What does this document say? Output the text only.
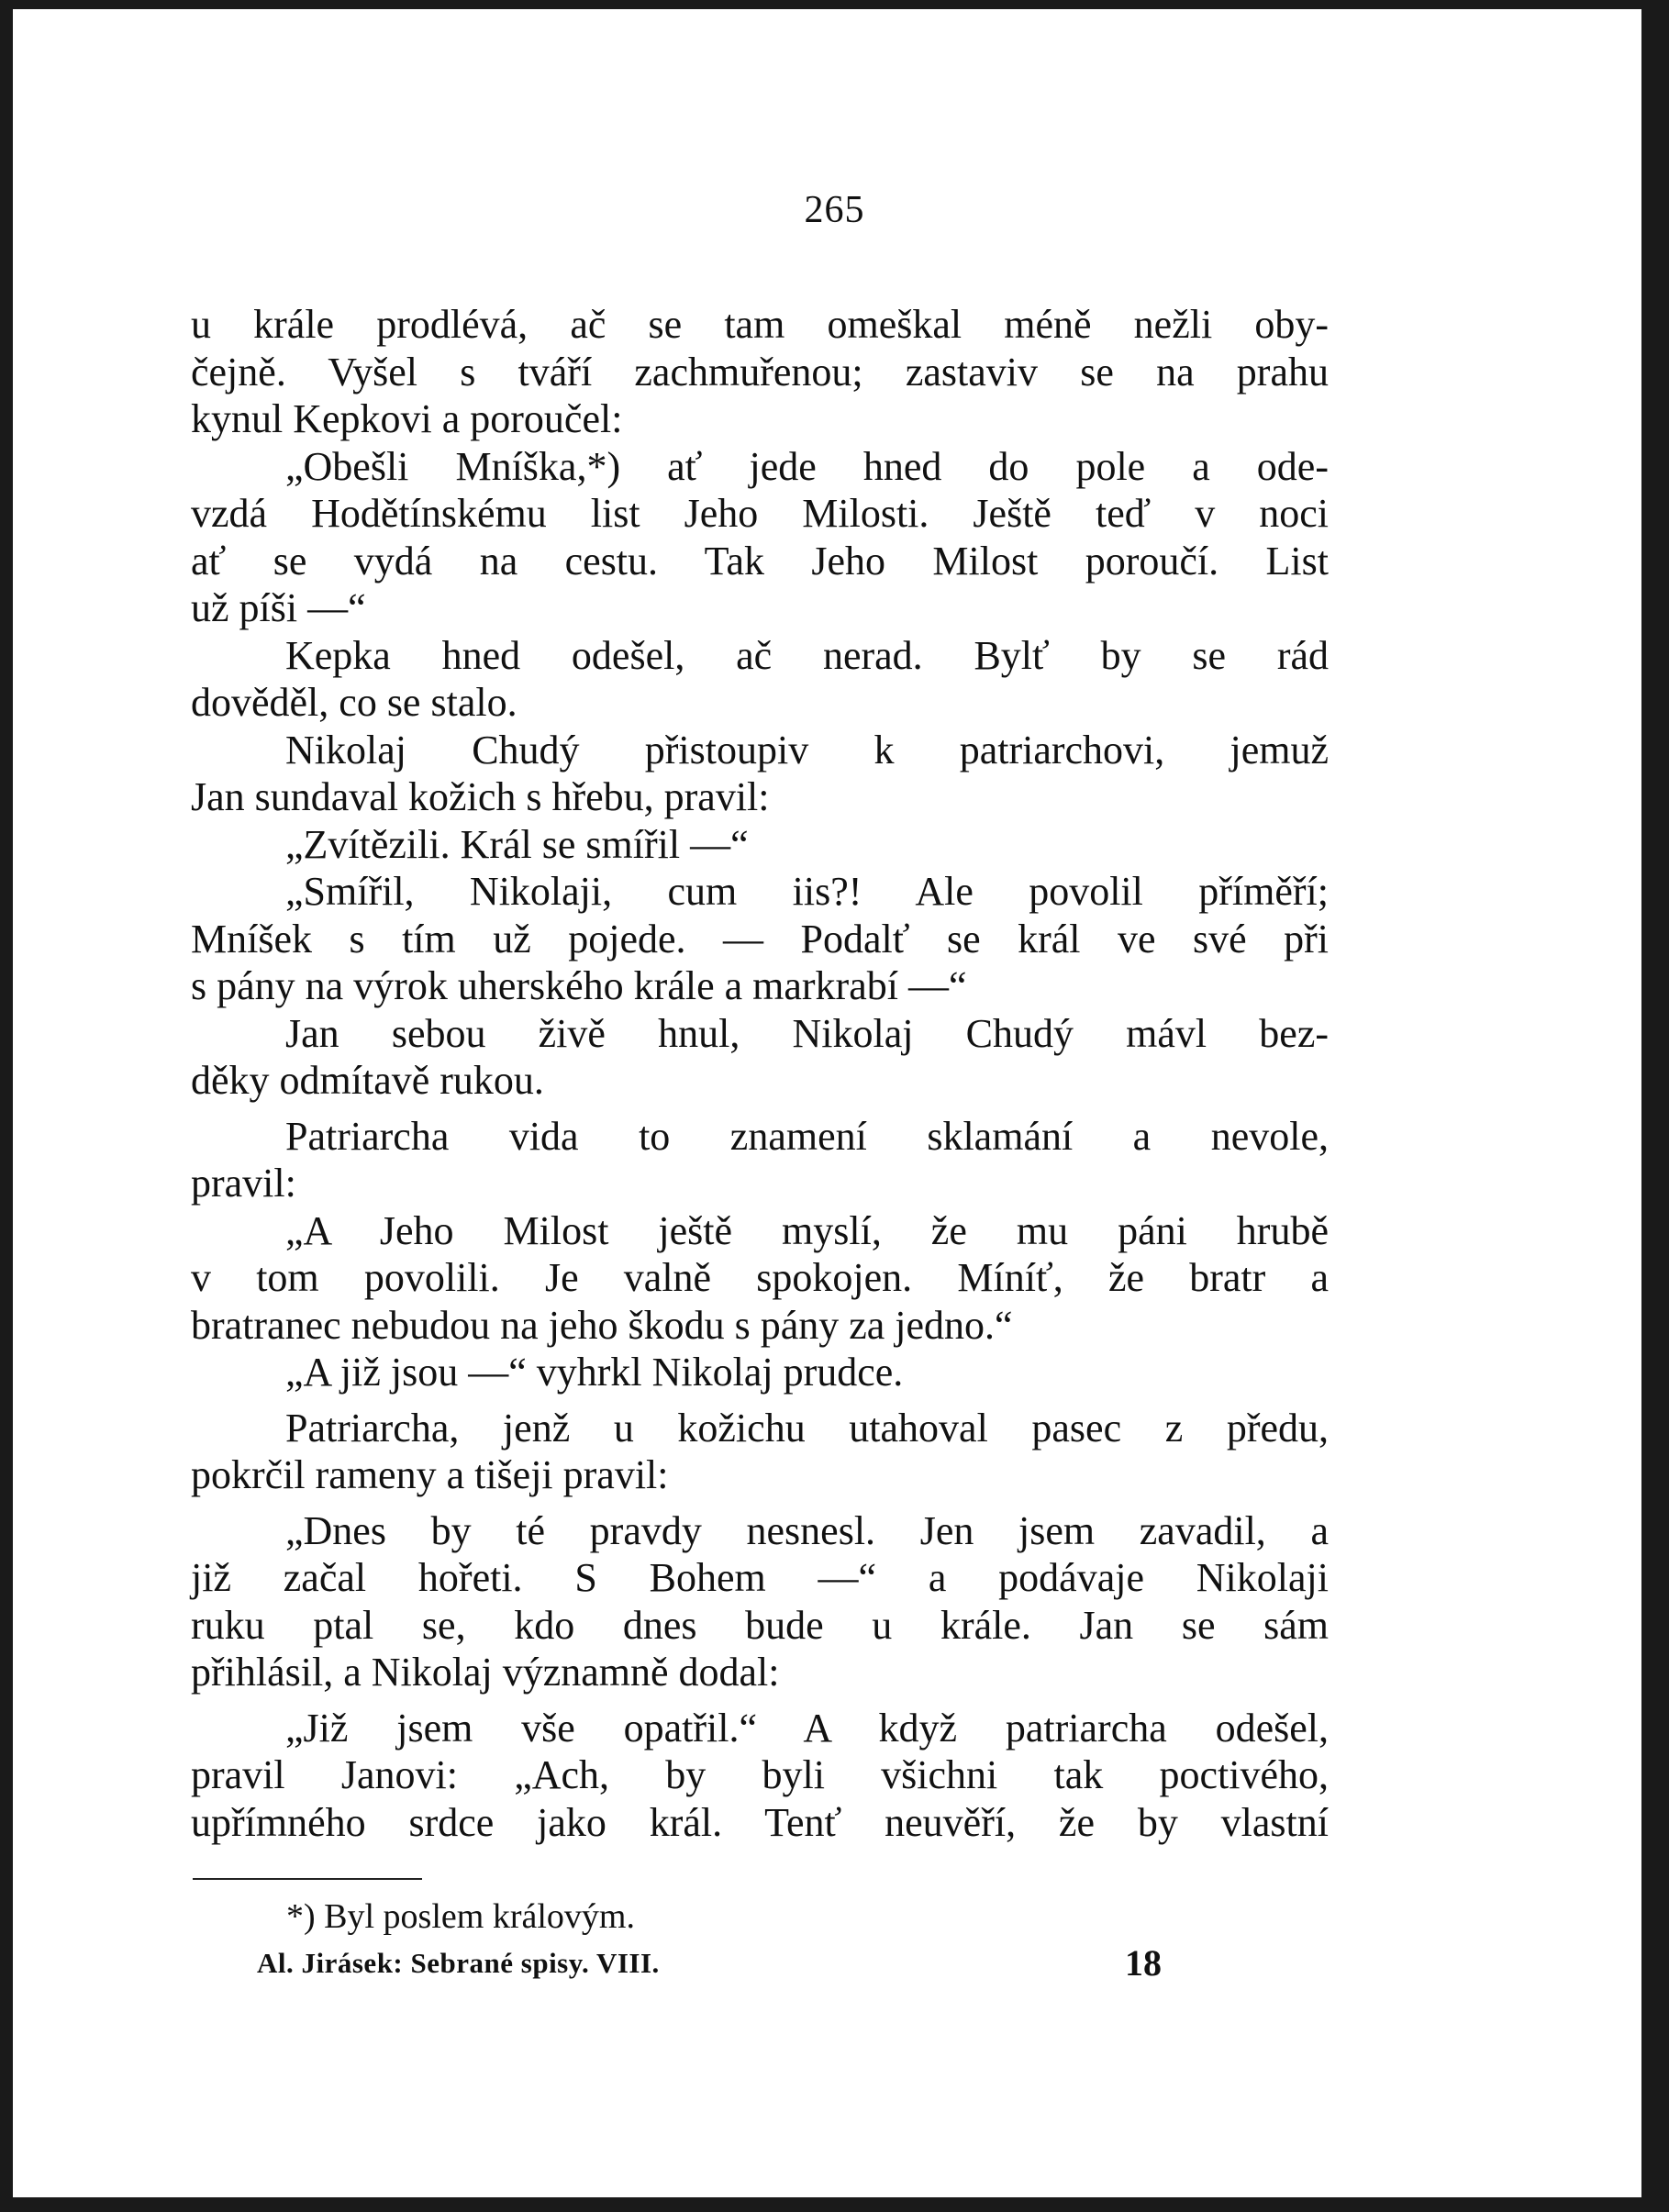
265
u krále prodlévá, ač se tam omeškal méně nežli oby-
čejně. Vyšel s tváří zachmuřenou; zastaviv se na prahu
kynul Kepkovi a poroučel:
„Obešli Mníška,*) ať jede hned do pole a ode-
vzdá Hodětínskému list Jeho Milosti. Ještě teď v noci
ať se vydá na cestu. Tak Jeho Milost poroučí. List
už píši —“
Kepka hned odešel, ač nerad. Bylť by se rád
dověděl, co se stalo.
Nikolaj Chudý přistoupiv k patriarchovi, jemuž
Jan sundaval kožich s hřebu, pravil:
„Zvítězili. Král se smířil —“
„Smířil, Nikolaji, cum iis?! Ale povolil příměří;
Mníšek s tím už pojede. — Podalť se král ve své při
s pány na výrok uherského krále a markrabí —“
Jan sebou živě hnul, Nikolaj Chudý mávl bez-
děky odmítavě rukou.
Patriarcha vida to znamení sklamání a nevole,
pravil:
„A Jeho Milost ještě myslí, že mu páni hrubě
v tom povolili. Je valně spokojen. Míníť, že bratr a
bratranec nebudou na jeho škodu s pány za jedno.“
„A již jsou —“ vyhrkl Nikolaj prudce.
Patriarcha, jenž u kožichu utahoval pasec z předu,
pokrčil rameny a tišeji pravil:
„Dnes by té pravdy nesnesl. Jen jsem zavadil, a
již začal hořeti. S Bohem —“ a podávaje Nikolaji
ruku ptal se, kdo dnes bude u krále. Jan se sám
přihlásil, a Nikolaj významně dodal:
„Již jsem vše opatřil.“ A když patriarcha odešel,
pravil Janovi: „Ach, by byli všichni tak poctivého,
upřímného srdce jako král. Tenť neuvěří, že by vlastní
*) Byl poslem královým.
Al. Jirásek: Sebrané spisy. VIII.	18
